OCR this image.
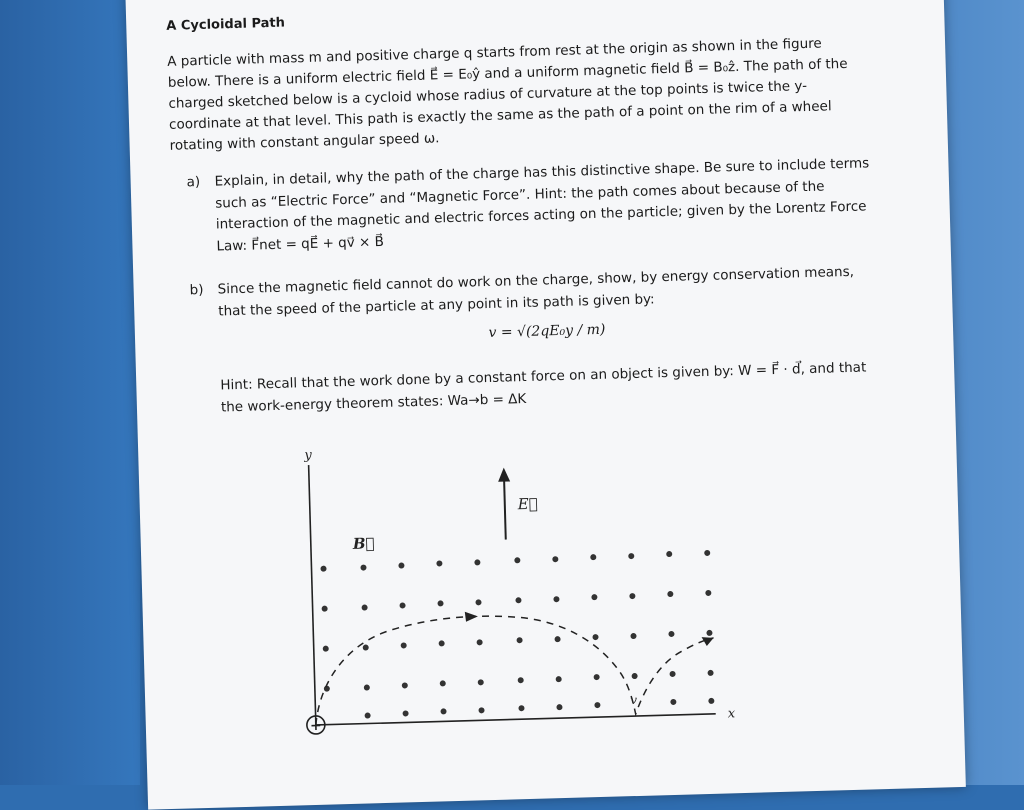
A Cycloidal Path
A particle with mass m and positive charge q starts from rest at the origin as shown in the figure below. There is a uniform electric field E⃗ = E₀ŷ and a uniform magnetic field B⃗ = B₀ẑ. The path of the charged sketched below is a cycloid whose radius of curvature at the top points is twice the y-coordinate at that level. This path is exactly the same as the path of a point on the rim of a wheel rotating with constant angular speed ω.
a) Explain, in detail, why the path of the charge has this distinctive shape. Be sure to include terms such as “Electric Force” and “Magnetic Force”. Hint: the path comes about because of the interaction of the magnetic and electric forces acting on the particle; given by the Lorentz Force Law: F⃗net = qE⃗ + qv⃗ × B⃗
b) Since the magnetic field cannot do work on the charge, show, by energy conservation means, that the speed of the particle at any point in its path is given by:
v = √(2qE₀y / m)
Hint: Recall that the work done by a constant force on an object is given by: W = F⃗ · d⃗, and that the work-energy theorem states: Wa→b = ΔK
y
x
E⃗
B⃗
v
+
